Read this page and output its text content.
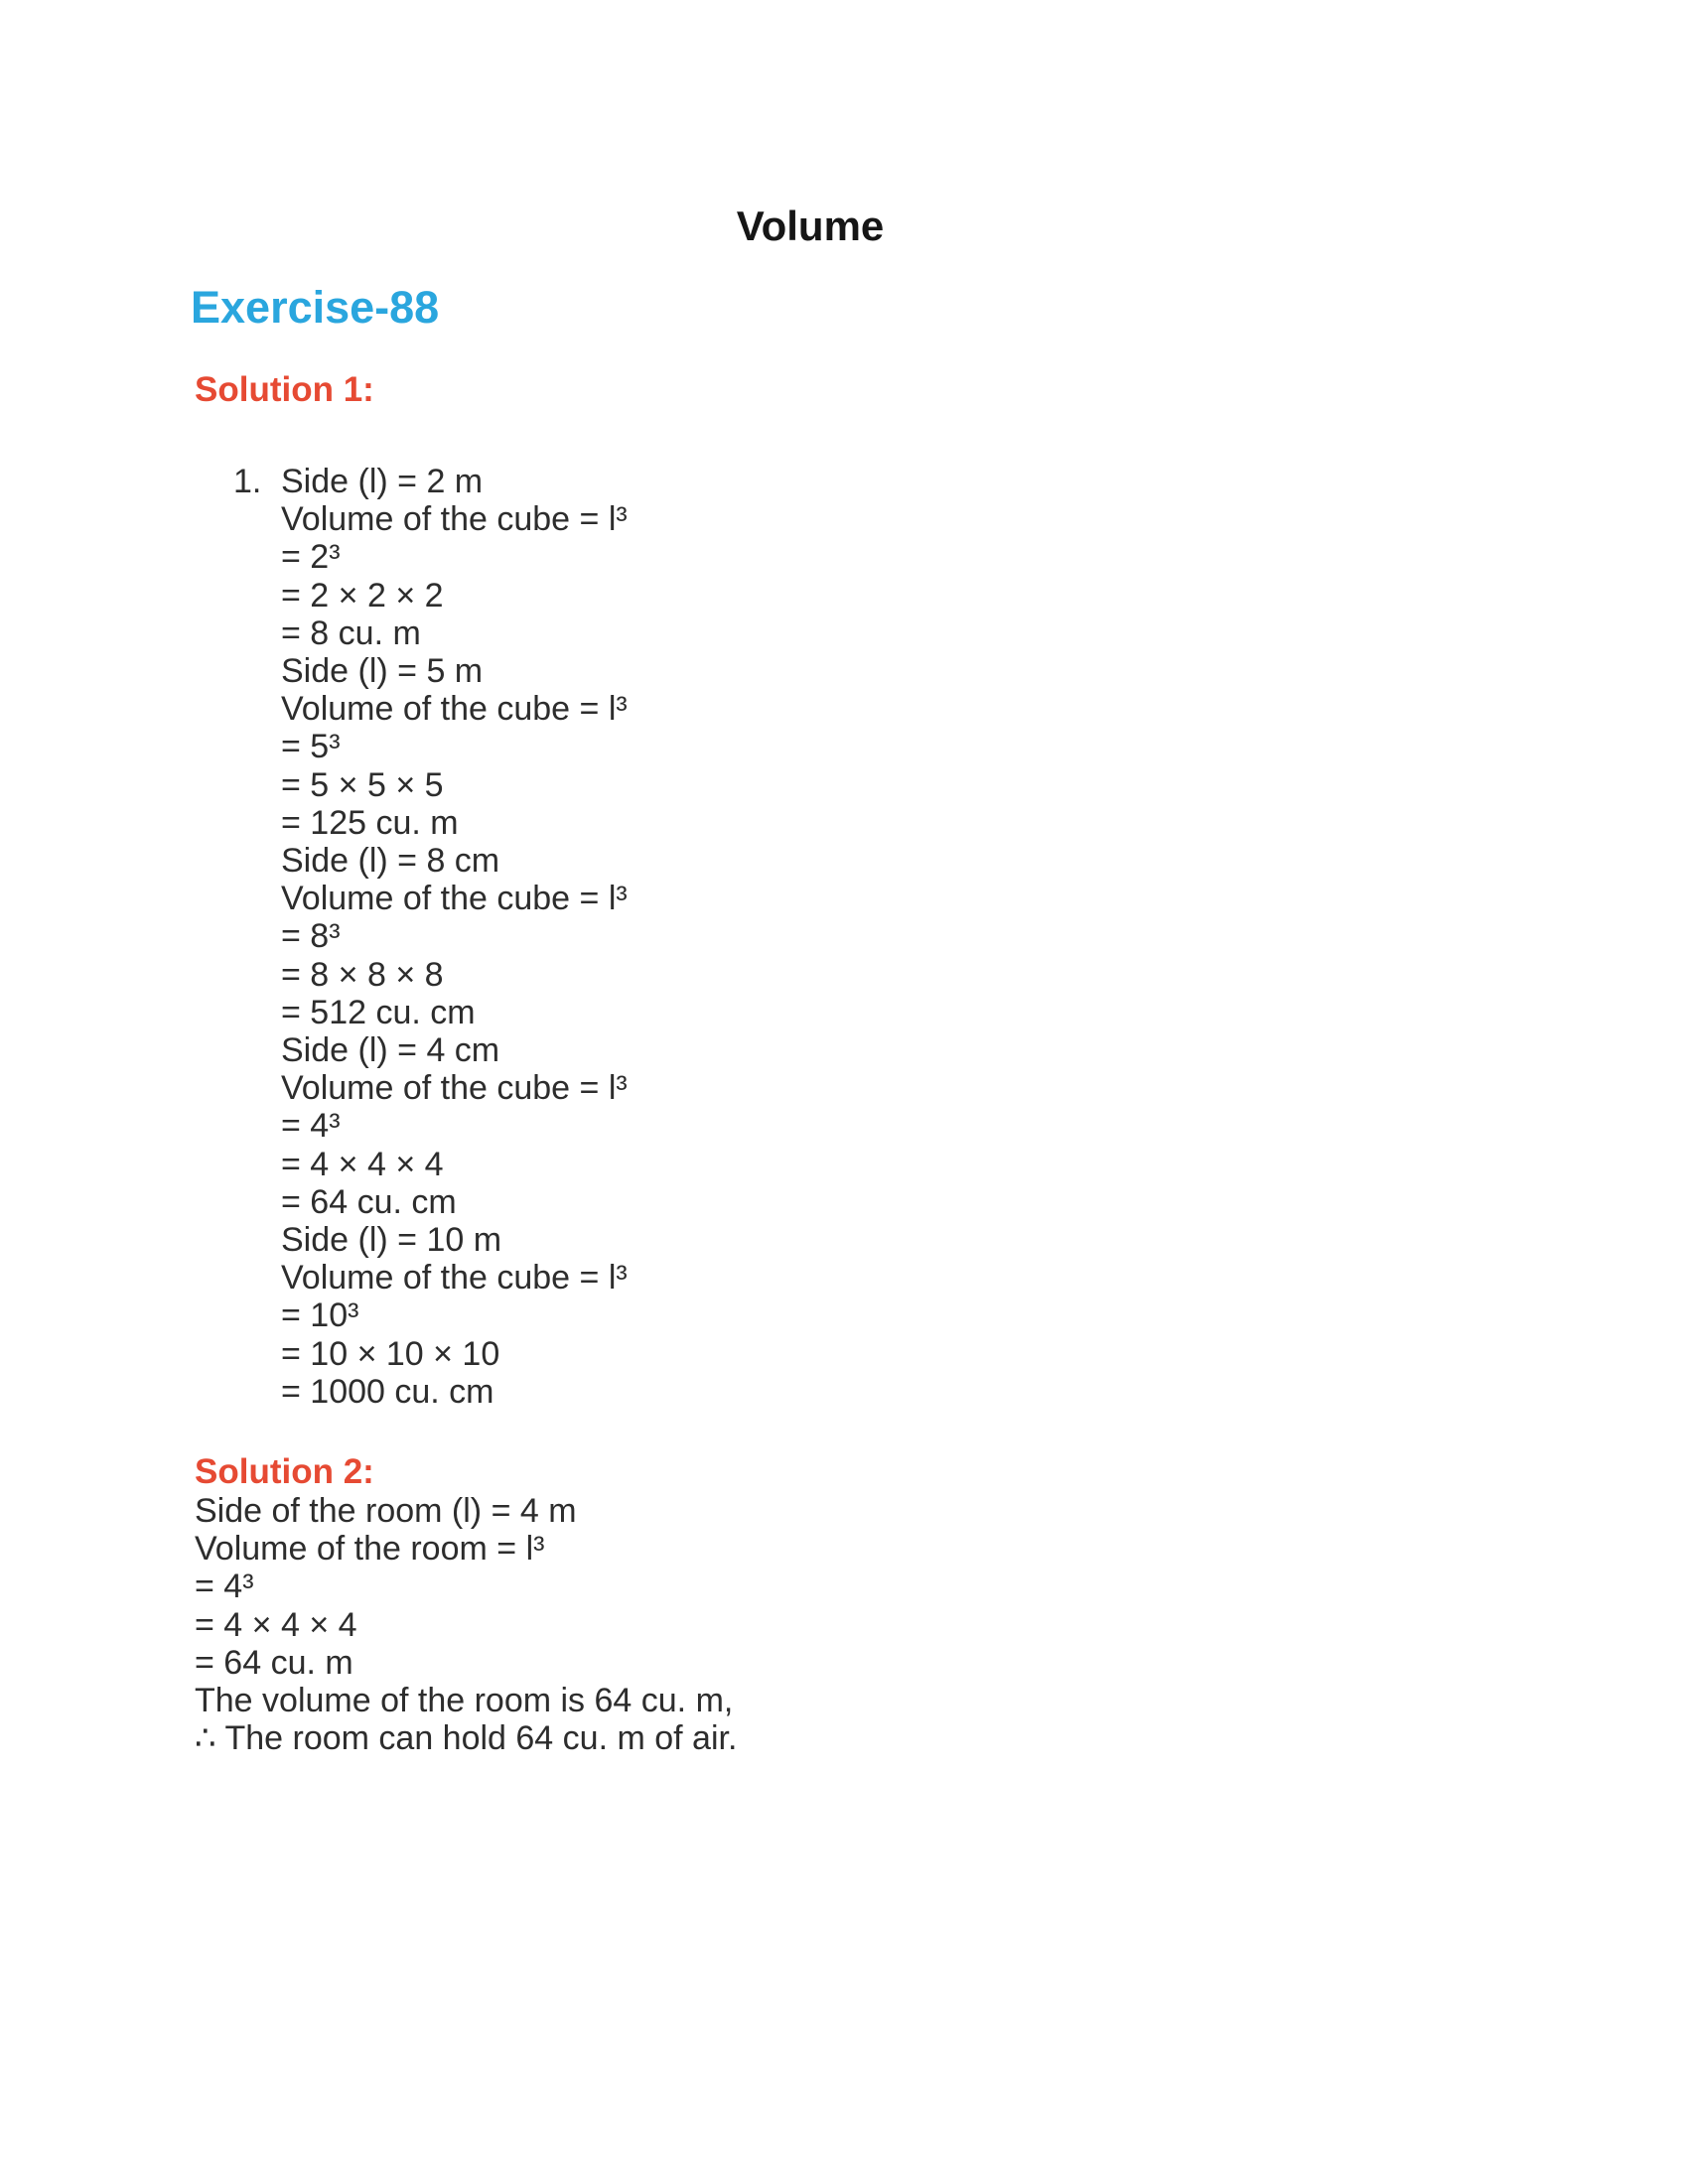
Volume
Exercise-88
Solution 1:
1. Side (l) = 2 m
Volume of the cube = l³
= 2³
= 2 × 2 × 2
= 8 cu. m
Side (l) = 5 m
Volume of the cube = l³
= 5³
= 5 × 5 × 5
= 125 cu. m
Side (l) = 8 cm
Volume of the cube = l³
= 8³
= 8 × 8 × 8
= 512 cu. cm
Side (l) = 4 cm
Volume of the cube = l³
= 4³
= 4 × 4 × 4
= 64 cu. cm
Side (l) = 10 m
Volume of the cube = l³
= 10³
= 10 × 10 × 10
= 1000 cu. cm
Solution 2:
Side of the room (l) = 4 m
Volume of the room = l³
= 4³
= 4 × 4 × 4
= 64 cu. m
The volume of the room is 64 cu. m,
∴ The room can hold 64 cu. m of air.
